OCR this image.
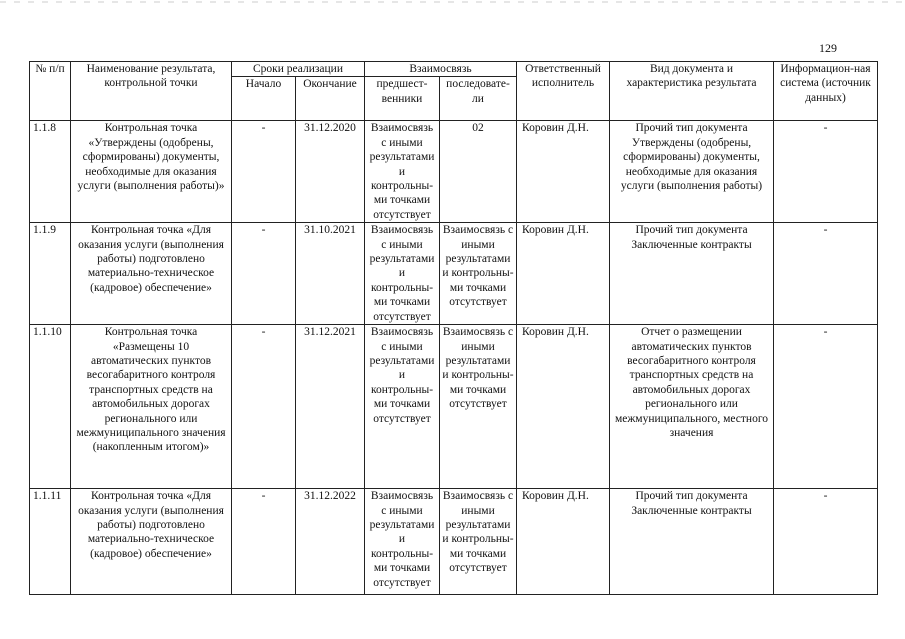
129
№ п/п	Наименование результата, контрольной точки	Сроки реализации		Взаимосвязь		Ответственный исполнитель	Вид документа и характеристика результата	Информацион-ная система (источник данных)
		Начало	Окончание	предшест-венники	последовате-ли			
1.1.8	Контрольная точка «Утверждены (одобрены, сформированы) документы, необходимые для оказания услуги (выполнения работы)»	-	31.12.2020	Взаимосвязь с иными результатами и контрольны-ми точками отсутствует	02	Коровин Д.Н.	Прочий тип документа Утверждены (одобрены, сформированы) документы, необходимые для оказания услуги (выполнения работы)	-
1.1.9	Контрольная точка «Для оказания услуги (выполнения работы) подготовлено материально-техническое (кадровое) обеспечение»	-	31.10.2021	Взаимосвязь с иными результатами и контрольны-ми точками отсутствует	Взаимосвязь с иными результатами и контрольны-ми точками отсутствует	Коровин Д.Н.	Прочий тип документа Заключенные контракты	-
1.1.10	Контрольная точка «Размещены 10 автоматических пунктов весогабаритного контроля транспортных средств на автомобильных дорогах регионального или межмуниципального значения (накопленным итогом)»	-	31.12.2021	Взаимосвязь с иными результатами и контрольны-ми точками отсутствует	Взаимосвязь с иными результатами и контрольны-ми точками отсутствует	Коровин Д.Н.	Отчет о размещении автоматических пунктов весогабаритного контроля транспортных средств на автомобильных дорогах регионального или межмуниципального, местного значения	-
1.1.11	Контрольная точка «Для оказания услуги (выполнения работы) подготовлено материально-техническое (кадровое) обеспечение»	-	31.12.2022	Взаимосвязь с иными результатами и контрольны-ми точками отсутствует	Взаимосвязь с иными результатами и контрольны-ми точками отсутствует	Коровин Д.Н.	Прочий тип документа Заключенные контракты	-
